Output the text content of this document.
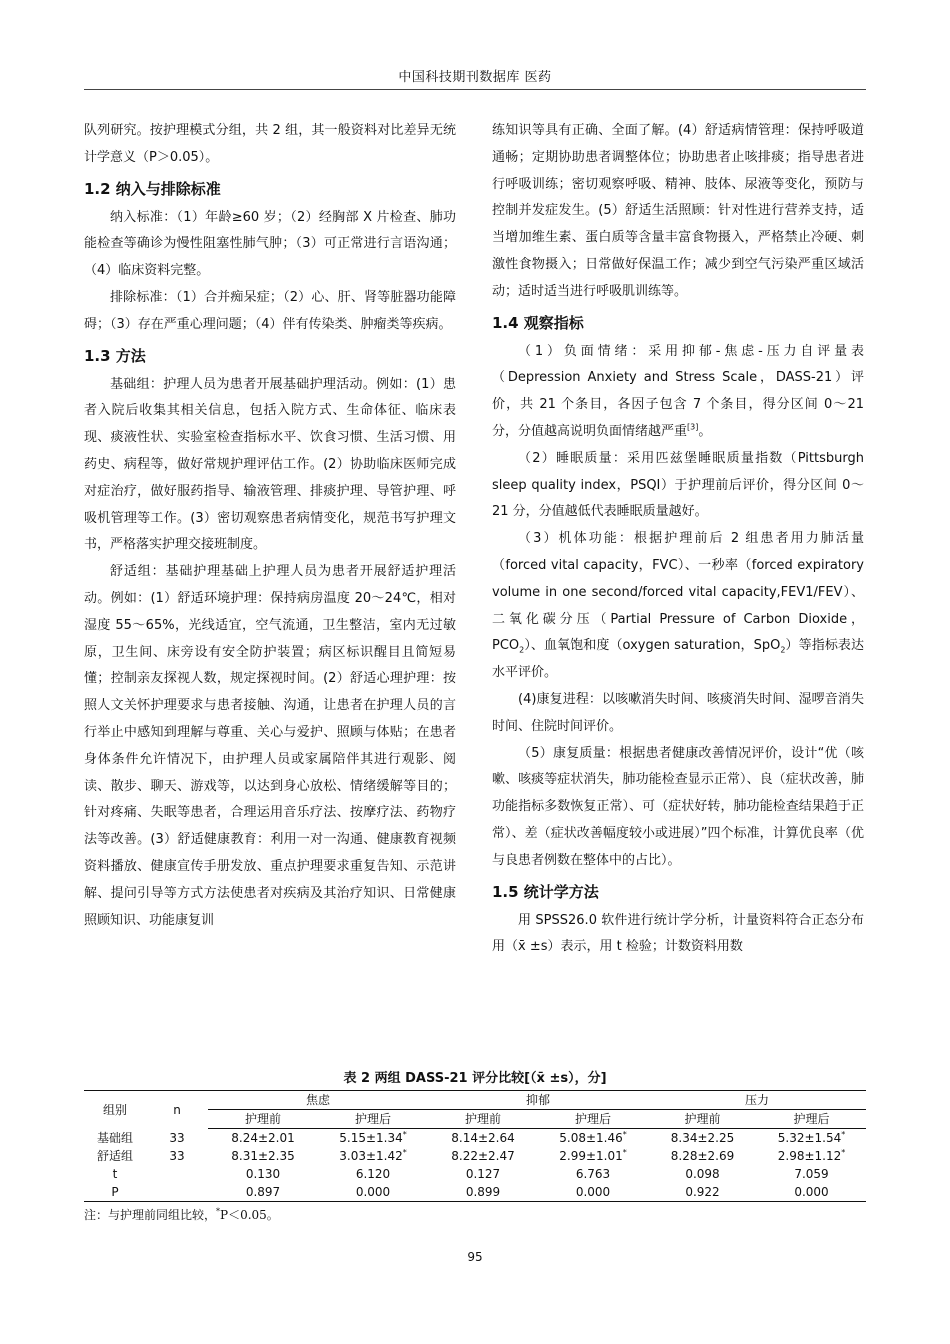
中国科技期刊数据库 医药

队列研究。按护理模式分组，共 2 组，其一般资料对比差异无统计学意义（P＞0.05）。

1.2 纳入与排除标准

纳入标准：（1）年龄≥60 岁；（2）经胸部 X 片检查、肺功能检查等确诊为慢性阻塞性肺气肿；（3）可正常进行言语沟通；（4）临床资料完整。

排除标准：（1）合并痴呆症；（2）心、肝、肾等脏器功能障碍；（3）存在严重心理问题；（4）伴有传染类、肿瘤类等疾病。

1.3 方法

基础组：护理人员为患者开展基础护理活动。例如：(1）患者入院后收集其相关信息，包括入院方式、生命体征、临床表现、痰液性状、实验室检查指标水平、饮食习惯、生活习惯、用药史、病程等，做好常规护理评估工作。(2）协助临床医师完成对症治疗，做好服药指导、输液管理、排痰护理、导管护理、呼吸机管理等工作。(3）密切观察患者病情变化，规范书写护理文书，严格落实护理交接班制度。

舒适组：基础护理基础上护理人员为患者开展舒适护理活动。例如：(1）舒适环境护理：保持病房温度 20～24℃，相对湿度 55～65%，光线适宜，空气流通，卫生整洁，室内无过敏原，卫生间、床旁设有安全防护装置；病区标识醒目且简短易懂；控制亲友探视人数，规定探视时间。(2）舒适心理护理：按照人文关怀护理要求与患者接触、沟通，让患者在护理人员的言行举止中感知到理解与尊重、关心与爱护、照顾与体贴；在患者身体条件允许情况下，由护理人员或家属陪伴其进行观影、阅读、散步、聊天、游戏等，以达到身心放松、情绪缓解等目的；针对疼痛、失眠等患者，合理运用音乐疗法、按摩疗法、药物疗法等改善。(3）舒适健康教育：利用一对一沟通、健康教育视频资料播放、健康宣传手册发放、重点护理要求重复告知、示范讲解、提问引导等方式方法使患者对疾病及其治疗知识、日常健康照顾知识、功能康复训

练知识等具有正确、全面了解。(4）舒适病情管理：保持呼吸道通畅；定期协助患者调整体位；协助患者止咳排痰；指导患者进行呼吸训练；密切观察呼吸、精神、肢体、尿液等变化，预防与控制并发症发生。(5）舒适生活照顾：针对性进行营养支持，适当增加维生素、蛋白质等含量丰富食物摄入，严格禁止冷硬、刺激性食物摄入；日常做好保温工作；减少到空气污染严重区域活动；适时适当进行呼吸肌训练等。

1.4 观察指标

（1）负面情绪：采用抑郁-焦虑-压力自评量表（Depression Anxiety and Stress Scale，DASS-21）评价，共 21 个条目，各因子包含 7 个条目，得分区间 0～21 分，分值越高说明负面情绪越严重[3]。

（2）睡眠质量：采用匹兹堡睡眠质量指数（Pittsburgh sleep quality index，PSQI）于护理前后评价，得分区间 0～21 分，分值越低代表睡眠质量越好。

（3）机体功能：根据护理前后 2 组患者用力肺活量（forced vital capacity，FVC）、一秒率（forced expiratory volume in one second/forced vital capacity,FEV1/FEV）、二氧化碳分压（Partial Pressure of Carbon Dioxide，$PCO_2$）、血氧饱和度（oxygen saturation，SpO$_2$）等指标表达水平评价。

(4)康复进程：以咳嗽消失时间、咳痰消失时间、湿啰音消失时间、住院时间评价。

（5）康复质量：根据患者健康改善情况评价，设计“优（咳嗽、咳痰等症状消失，肺功能检查显示正常）、良（症状改善，肺功能指标多数恢复正常）、可（症状好转，肺功能检查结果趋于正常）、差（症状改善幅度较小或进展）”四个标准，计算优良率（优与良患者例数在整体中的占比）。

1.5 统计学方法

用 SPSS26.0 软件进行统计学分析，计量资料符合正态分布用（x̄ ±s）表示，用 t 检验；计数资料用数

表 2 两组 DASS-21 评分比较[（x̄ ±s），分]
组别	n	焦虑		抑郁		压力	
		护理前	护理后	护理前	护理后	护理前	护理后
基础组	33	8.24±2.01	5.15±1.34*	8.14±2.64	5.08±1.46*	8.34±2.25	5.32±1.54*
舒适组	33	8.31±2.35	3.03±1.42*	8.22±2.47	2.99±1.01*	8.28±2.69	2.98±1.12*
t		0.130	6.120	0.127	6.763	0.098	7.059
P		0.897	0.000	0.899	0.000	0.922	0.000
注：与护理前同组比较，*P＜0.05。
95
